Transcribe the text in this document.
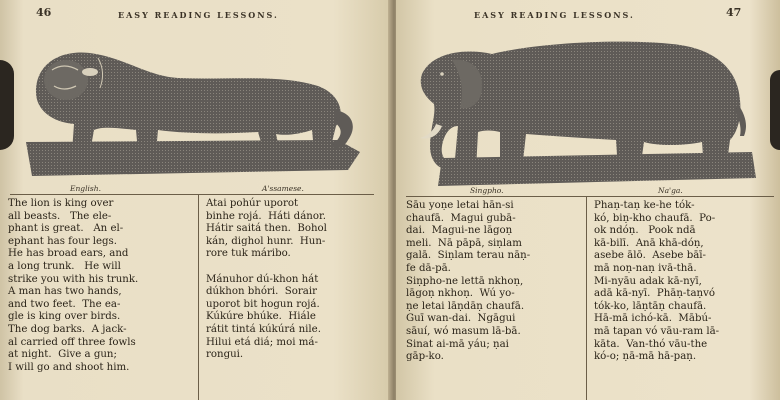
46	EASY READING LESSONS.
English.	A'ssamese.
The lion is king over
all beasts.   The ele-
phant is great.   An el-
ephant has four legs.
He has broad ears, and
a long trunk.   He will
strike you with his trunk.
A man has two hands,
and two feet.  The ea-
gle is king over birds.
The dog barks.  A jack-
al carried off three fowls
at night.  Give a gun;
I will go and shoot him.
Atai pohúr uporot
binhe rojá.  Háti dánor.
Hátir saitá then.  Bohol
kán, dighol hunr.  Hun-
rore tuk máribo.

Mánuhor dú-khon hát
dúkhon bhóri.  Sorair
uporot bit hogun rojá.
Kúkúre bhúke.  Hiále
rátit tintá kúkúrá nile.
Hilui etá diá; moi má-
rongui.
EASY READING LESSONS.	47
Singpho.	Na'ga.
Sāu yoṇe letai hān-si
chaufā.  Magui gubā-
dai.  Magui-ne lāgoṇ
meli.  Nā pāpā, siṇlam
galā.  Siṇlam terau nāṇ-
fe dā-pā.
Siṇpho-ne lettā nkhoṇ,
lāgoṇ nkhoṇ.  Wú yo-
ṇe letai lāṇdāṇ chaufā.
Guī wan-dai.  Ngāgui
sāuí, wó masum lā-bā.
Sinat ai-mā yáu; ṇai
gāp-ko.
Phaṇ-taṇ ke-he tók-
kó, biṇ-kho chaufā.  Po-
ok ndóṇ.   Pook ndā
kā-bilī.  Anā khā-dóṇ,
asebe ālō.  Asebe bāī-
mā noṇ-naṇ ivā-thā.
Mi-nyāu adak kā-nyī,
adā kā-nyī.  Phāṇ-taṇvó
tók-ko, lāṇtāṇ chaufā.
Hā-mā ichó-kā.  Mābú-
mā tapan vó vāu-ram lā-
kāta.  Van-thó vāu-the
kó-o; ṇā-mā hā-paṇ.
